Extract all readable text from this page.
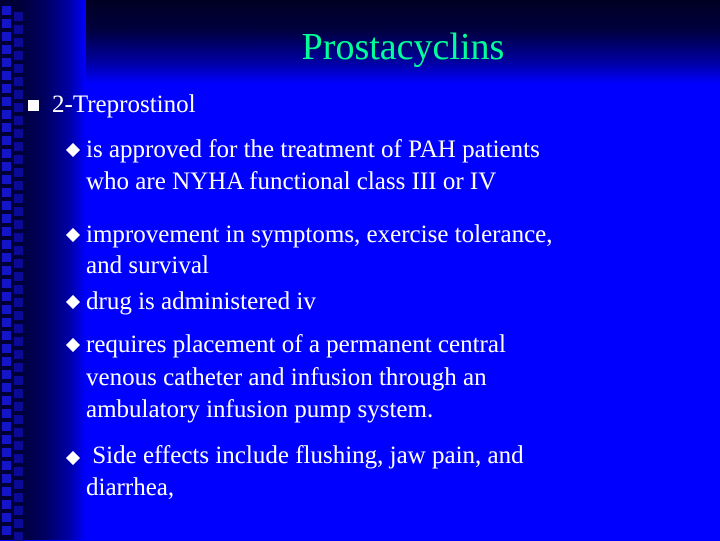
Prostacyclins
2-Treprostinol
is approved for the treatment of PAH patients
who are NYHA functional class III or IV
improvement in symptoms, exercise tolerance,
and survival
drug is administered iv
requires placement of a permanent central
venous catheter and infusion through an
ambulatory infusion pump system.
Side effects include flushing, jaw pain, and
diarrhea,
